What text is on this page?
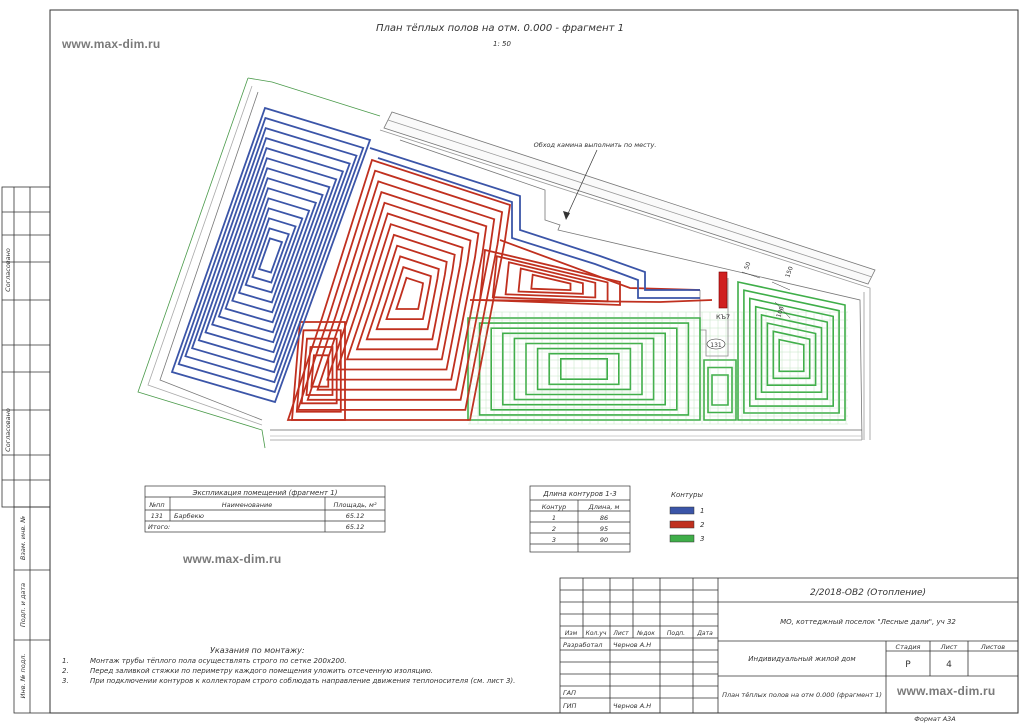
Согласовано
Согласовано
Взам. инв. №
Подп. и дата
Инв. № подл.
План тёплых полов на отм. 0.000 - фрагмент 1
1: 50
Обход камина выполнить по месту.
КЪ7
131
50	150
100
Экспликация помещений (фрагмент 1)
№пп	Наименование	Площадь, м²
131 Барбекю	65.12
Итого:	65.12
Длина контуров 1-3
Контур	Длина, м
1	86
2	95
3	90
Контуры
1
2
3
2/2018-ОВ2 (Отопление)
МО, коттеджный поселок "Лесные дали", уч 32
Индивидуальный жилой дом
План тёплых полов на отм 0.000 (фрагмент 1)
Стадия	Лист	Листов
Р	4
Формат А3А
Изм Кол.уч Лист №док Подп. Дата
Разработал Чернов А.Н
ГАП
ГИП	Чернов А.Н
www.max-dim.ru
www.max-dim.ru
www.max-dim.ru
Указания по монтажу:
1.	Монтаж трубы тёплого пола осуществлять строго по сетке 200х200.
2.	Перед заливкой стяжки по периметру каждого помещения уложить отсеченную изоляцию.
3.	При подключении контуров к коллекторам строго соблюдать направление движения теплоносителя (см. лист 3).
